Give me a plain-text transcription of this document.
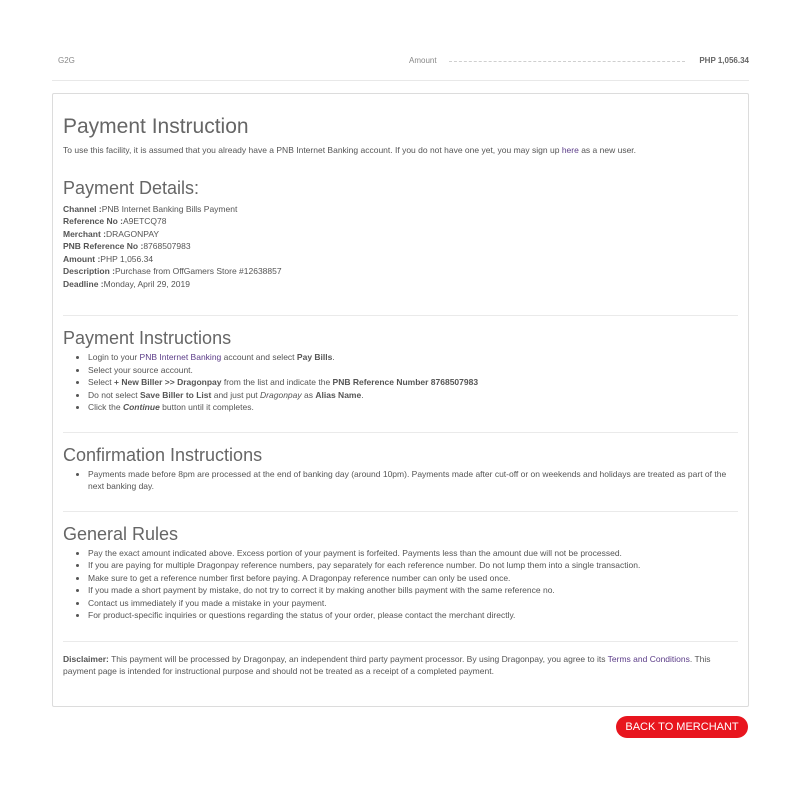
G2G	Amount	PHP 1,056.34
Payment Instruction

To use this facility, it is assumed that you already have a PNB Internet Banking account. If you do not have one yet, you may sign up here as a new user.

Payment Details:
Channel :PNB Internet Banking Bills Payment
Reference No :A9ETCQ78
Merchant :DRAGONPAY
PNB Reference No :8768507983
Amount :PHP 1,056.34
Description :Purchase from OffGamers Store #12638857
Deadline :Monday, April 29, 2019
Payment Instructions
• Login to your PNB Internet Banking account and select Pay Bills.
• Select your source account.
• Select + New Biller >> Dragonpay from the list and indicate the PNB Reference Number 8768507983
• Do not select Save Biller to List and just put Dragonpay as Alias Name.
• Click the Continue button until it completes.
Confirmation Instructions
• Payments made before 8pm are processed at the end of banking day (around 10pm). Payments made after cut-off or on weekends and holidays are treated as part of the next banking day.
General Rules
• Pay the exact amount indicated above. Excess portion of your payment is forfeited. Payments less than the amount due will not be processed.
• If you are paying for multiple Dragonpay reference numbers, pay separately for each reference number. Do not lump them into a single transaction.
• Make sure to get a reference number first before paying. A Dragonpay reference number can only be used once.
• If you made a short payment by mistake, do not try to correct it by making another bills payment with the same reference no.
• Contact us immediately if you made a mistake in your payment.
• For product-specific inquiries or questions regarding the status of your order, please contact the merchant directly.

Disclaimer: This payment will be processed by Dragonpay, an independent third party payment processor. By using Dragonpay, you agree to its Terms and Conditions. This payment page is intended for instructional purpose and should not be treated as a receipt of a completed payment.

BACK TO MERCHANT
